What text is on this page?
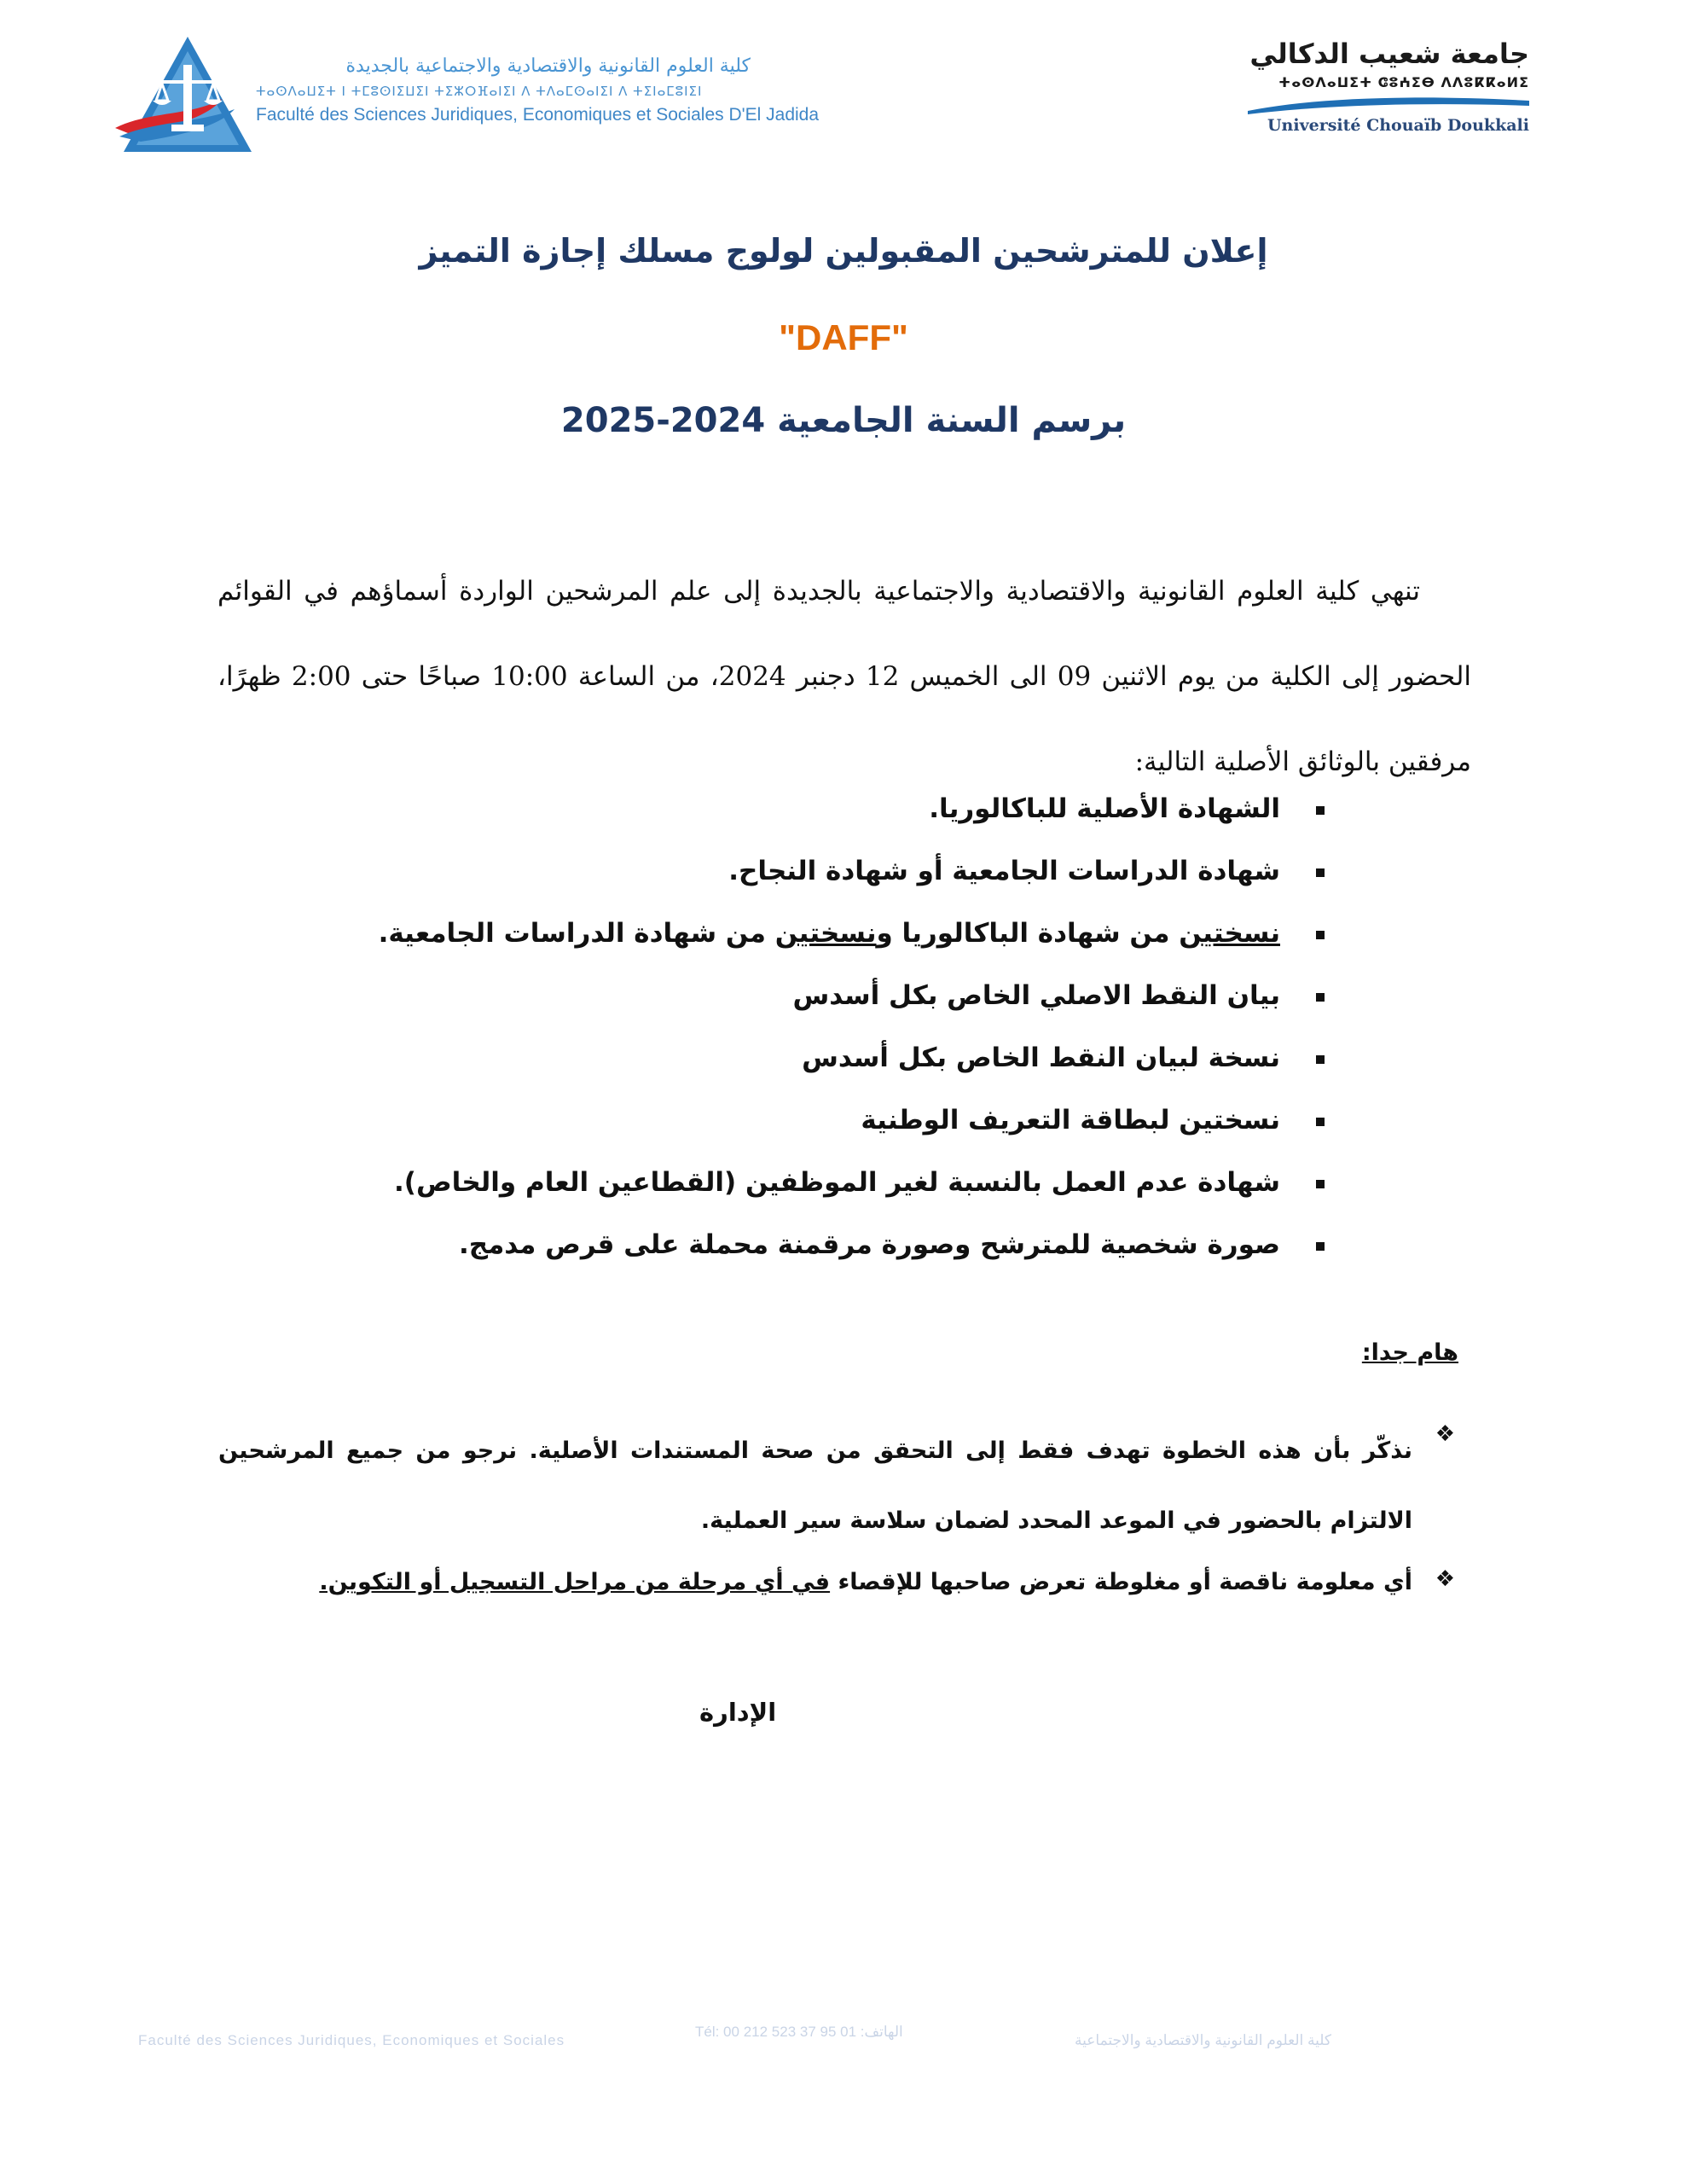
كلية العلوم القانونية والاقتصادية والاجتماعية بالجديدة
ⵜⴰⵙⴷⴰⵡⵉⵜ ⵏ ⵜⵎⵓⵙⵏⵉⵡⵉⵏ ⵜⵉⵣⵔⴼⴰⵏⵉⵏ ⴷ ⵜⴷⴰⵎⵙⴰⵏⵉⵏ ⴷ ⵜⵉⵏⴰⵎⵓⵏⵉⵏ
Faculté des Sciences Juridiques, Economiques et Sociales D'El Jadida
جامعة شعيب الدكالي
ⵜⴰⵙⴷⴰⵡⵉⵜ ⵛⵓⵄⵉⴱ ⴷⴷⵓⴽⴽⴰⵍⵉ
Université Chouaïb Doukkali
إعلان للمترشحين المقبولين لولوج مسلك إجازة التميز
"DAFF"
برسم السنة الجامعية 2024-2025

تنهي كلية العلوم القانونية والاقتصادية والاجتماعية بالجديدة إلى علم المرشحين الواردة أسماؤهم في القوائم الحضور إلى الكلية من يوم الاثنين 09 الى الخميس 12 دجنبر 2024، من الساعة 10:00 صباحًا حتى 2:00 ظهرًا، مرفقين بالوثائق الأصلية التالية:

الشهادة الأصلية للباكالوريا.
شهادة الدراسات الجامعية أو شهادة النجاح.
نسختين من شهادة الباكالوريا ونسختين من شهادة الدراسات الجامعية.
بيان النقط الاصلي الخاص بكل أسدس
نسخة لبيان النقط الخاص بكل أسدس
نسختين لبطاقة التعريف الوطنية
شهادة عدم العمل بالنسبة لغير الموظفين (القطاعين العام والخاص).
صورة شخصية للمترشح وصورة مرقمنة محملة على قرص مدمج.
هام جدا:
❖
نذكّر بأن هذه الخطوة تهدف فقط إلى التحقق من صحة المستندات الأصلية. نرجو من جميع المرشحين الالتزام بالحضور في الموعد المحدد لضمان سلاسة سير العملية.
❖
أي معلومة ناقصة أو مغلوطة تعرض صاحبها للإقصاء في أي مرحلة من مراحل التسجيل أو التكوين.
الإدارة
Faculté des Sciences Juridiques, Economiques et Sociales
Tél: 00 212 523 37 95 01 :الهاتف
كلية العلوم القانونية والاقتصادية والاجتماعية
